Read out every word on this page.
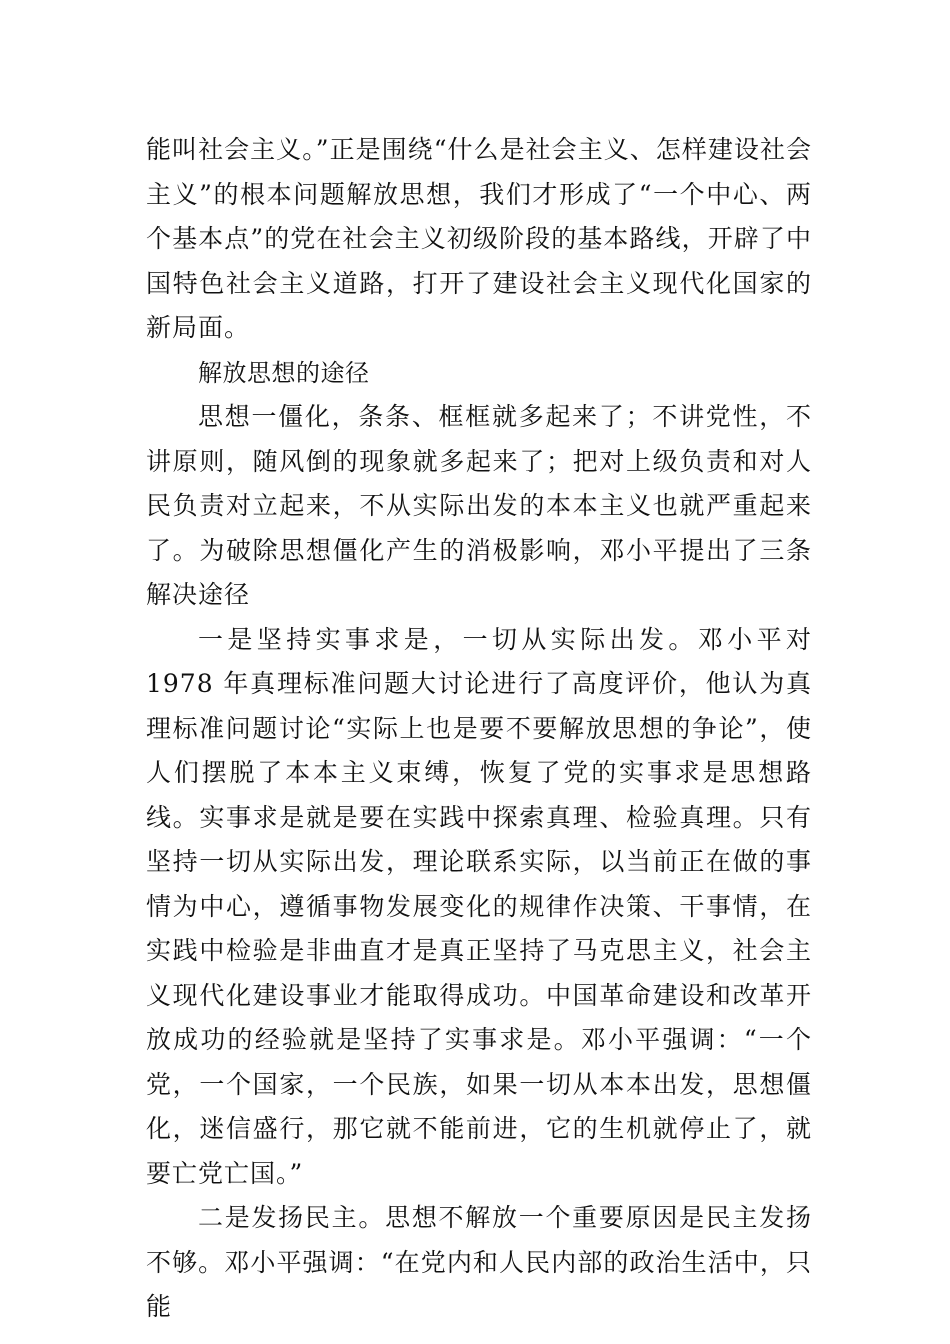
能叫社会主义。”正是围绕“什么是社会主义、怎样建设社会主义”的根本问题解放思想，我们才形成了“一个中心、两个基本点”的党在社会主义初级阶段的基本路线，开辟了中国特色社会主义道路，打开了建设社会主义现代化国家的新局面。

解放思想的途径

思想一僵化，条条、框框就多起来了；不讲党性，不讲原则，随风倒的现象就多起来了；把对上级负责和对人民负责对立起来，不从实际出发的本本主义也就严重起来了。为破除思想僵化产生的消极影响，邓小平提出了三条解决途径

一是坚持实事求是，一切从实际出发。邓小平对 1978 年真理标准问题大讨论进行了高度评价，他认为真理标准问题讨论“实际上也是要不要解放思想的争论”，使人们摆脱了本本主义束缚，恢复了党的实事求是思想路线。实事求是就是要在实践中探索真理、检验真理。只有坚持一切从实际出发，理论联系实际，以当前正在做的事情为中心，遵循事物发展变化的规律作决策、干事情，在实践中检验是非曲直才是真正坚持了马克思主义，社会主义现代化建设事业才能取得成功。中国革命建设和改革开放成功的经验就是坚持了实事求是。邓小平强调：“一个党，一个国家，一个民族，如果一切从本本出发，思想僵化，迷信盛行，那它就不能前进，它的生机就停止了，就要亡党亡国。”

二是发扬民主。思想不解放一个重要原因是民主发扬不够。邓小平强调：“在党内和人民内部的政治生活中，只能
